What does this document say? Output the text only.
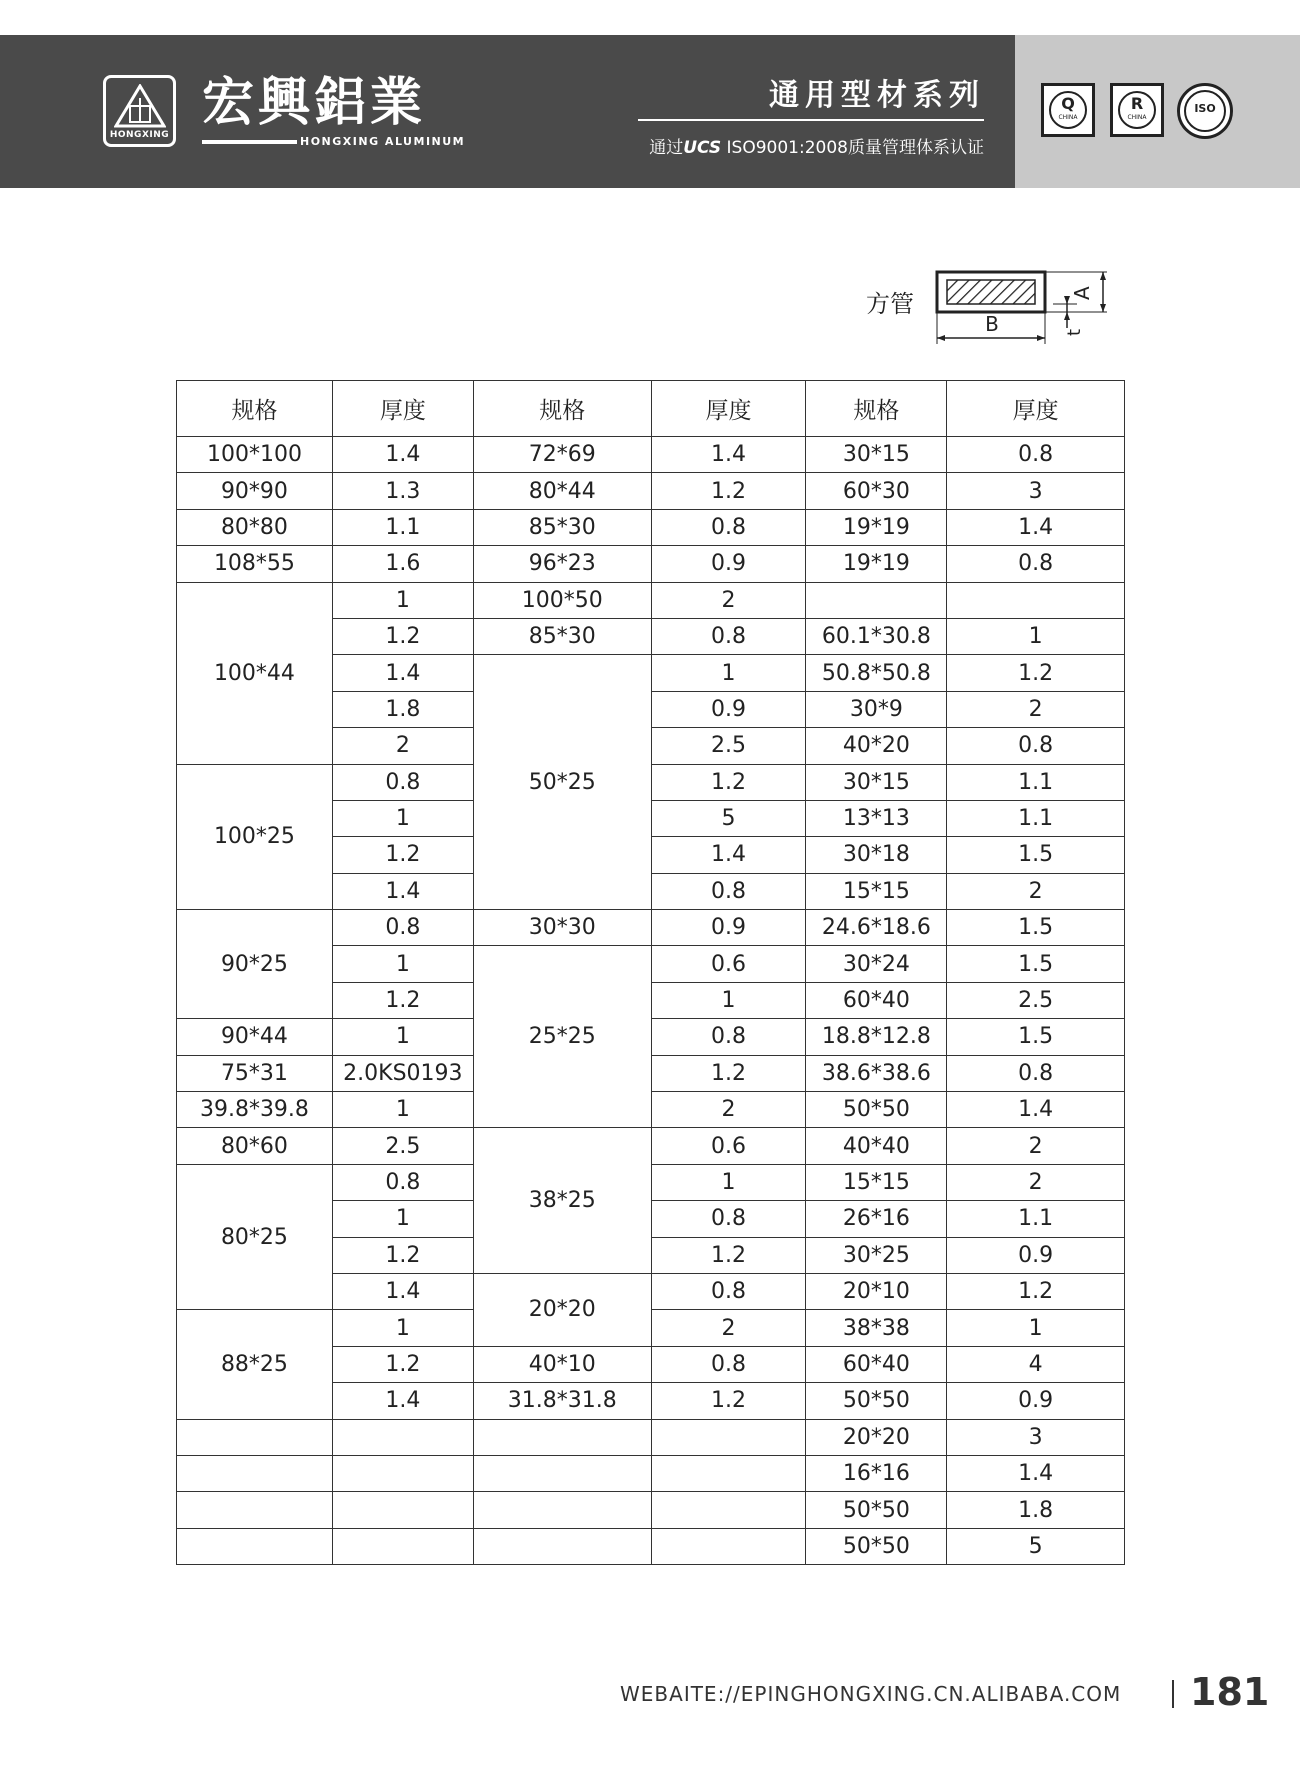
HONGXING
宏興鋁業
HONGXING ALUMINUM
通用型材系列
通过UCS ISO9001:2008质量管理体系认证
Q
CHINA
R
CHINA
ISO
方管
B
A
t
规格	厚度	规格	厚度	规格	厚度
100*100	1.4	72*69	1.4	30*15	0.8
90*90	1.3	80*44	1.2	60*30	3
80*80	1.1	85*30	0.8	19*19	1.4
108*55	1.6	96*23	0.9	19*19	0.8
100*44	1	100*50	2		
	1.2	85*30	0.8	60.1*30.8	1
	1.4	50*25	1	50.8*50.8	1.2
	1.8		0.9	30*9	2
	2		2.5	40*20	0.8
100*25	0.8		1.2	30*15	1.1
	1		5	13*13	1.1
	1.2		1.4	30*18	1.5
	1.4		0.8	15*15	2
90*25	0.8	30*30	0.9	24.6*18.6	1.5
	1	25*25	0.6	30*24	1.5
	1.2		1	60*40	2.5
90*44	1		0.8	18.8*12.8	1.5
75*31	2.0KS0193		1.2	38.6*38.6	0.8
39.8*39.8	1		2	50*50	1.4
80*60	2.5	38*25	0.6	40*40	2
80*25	0.8		1	15*15	2
	1		0.8	26*16	1.1
	1.2		1.2	30*25	0.9
	1.4	20*20	0.8	20*10	1.2
88*25	1		2	38*38	1
	1.2	40*10	0.8	60*40	4
	1.4	31.8*31.8	1.2	50*50	0.9
				20*20	3
				16*16	1.4
				50*50	1.8
				50*50	5
WEBAITE://EPINGHONGXING.CN.ALIBABA.COM 181
